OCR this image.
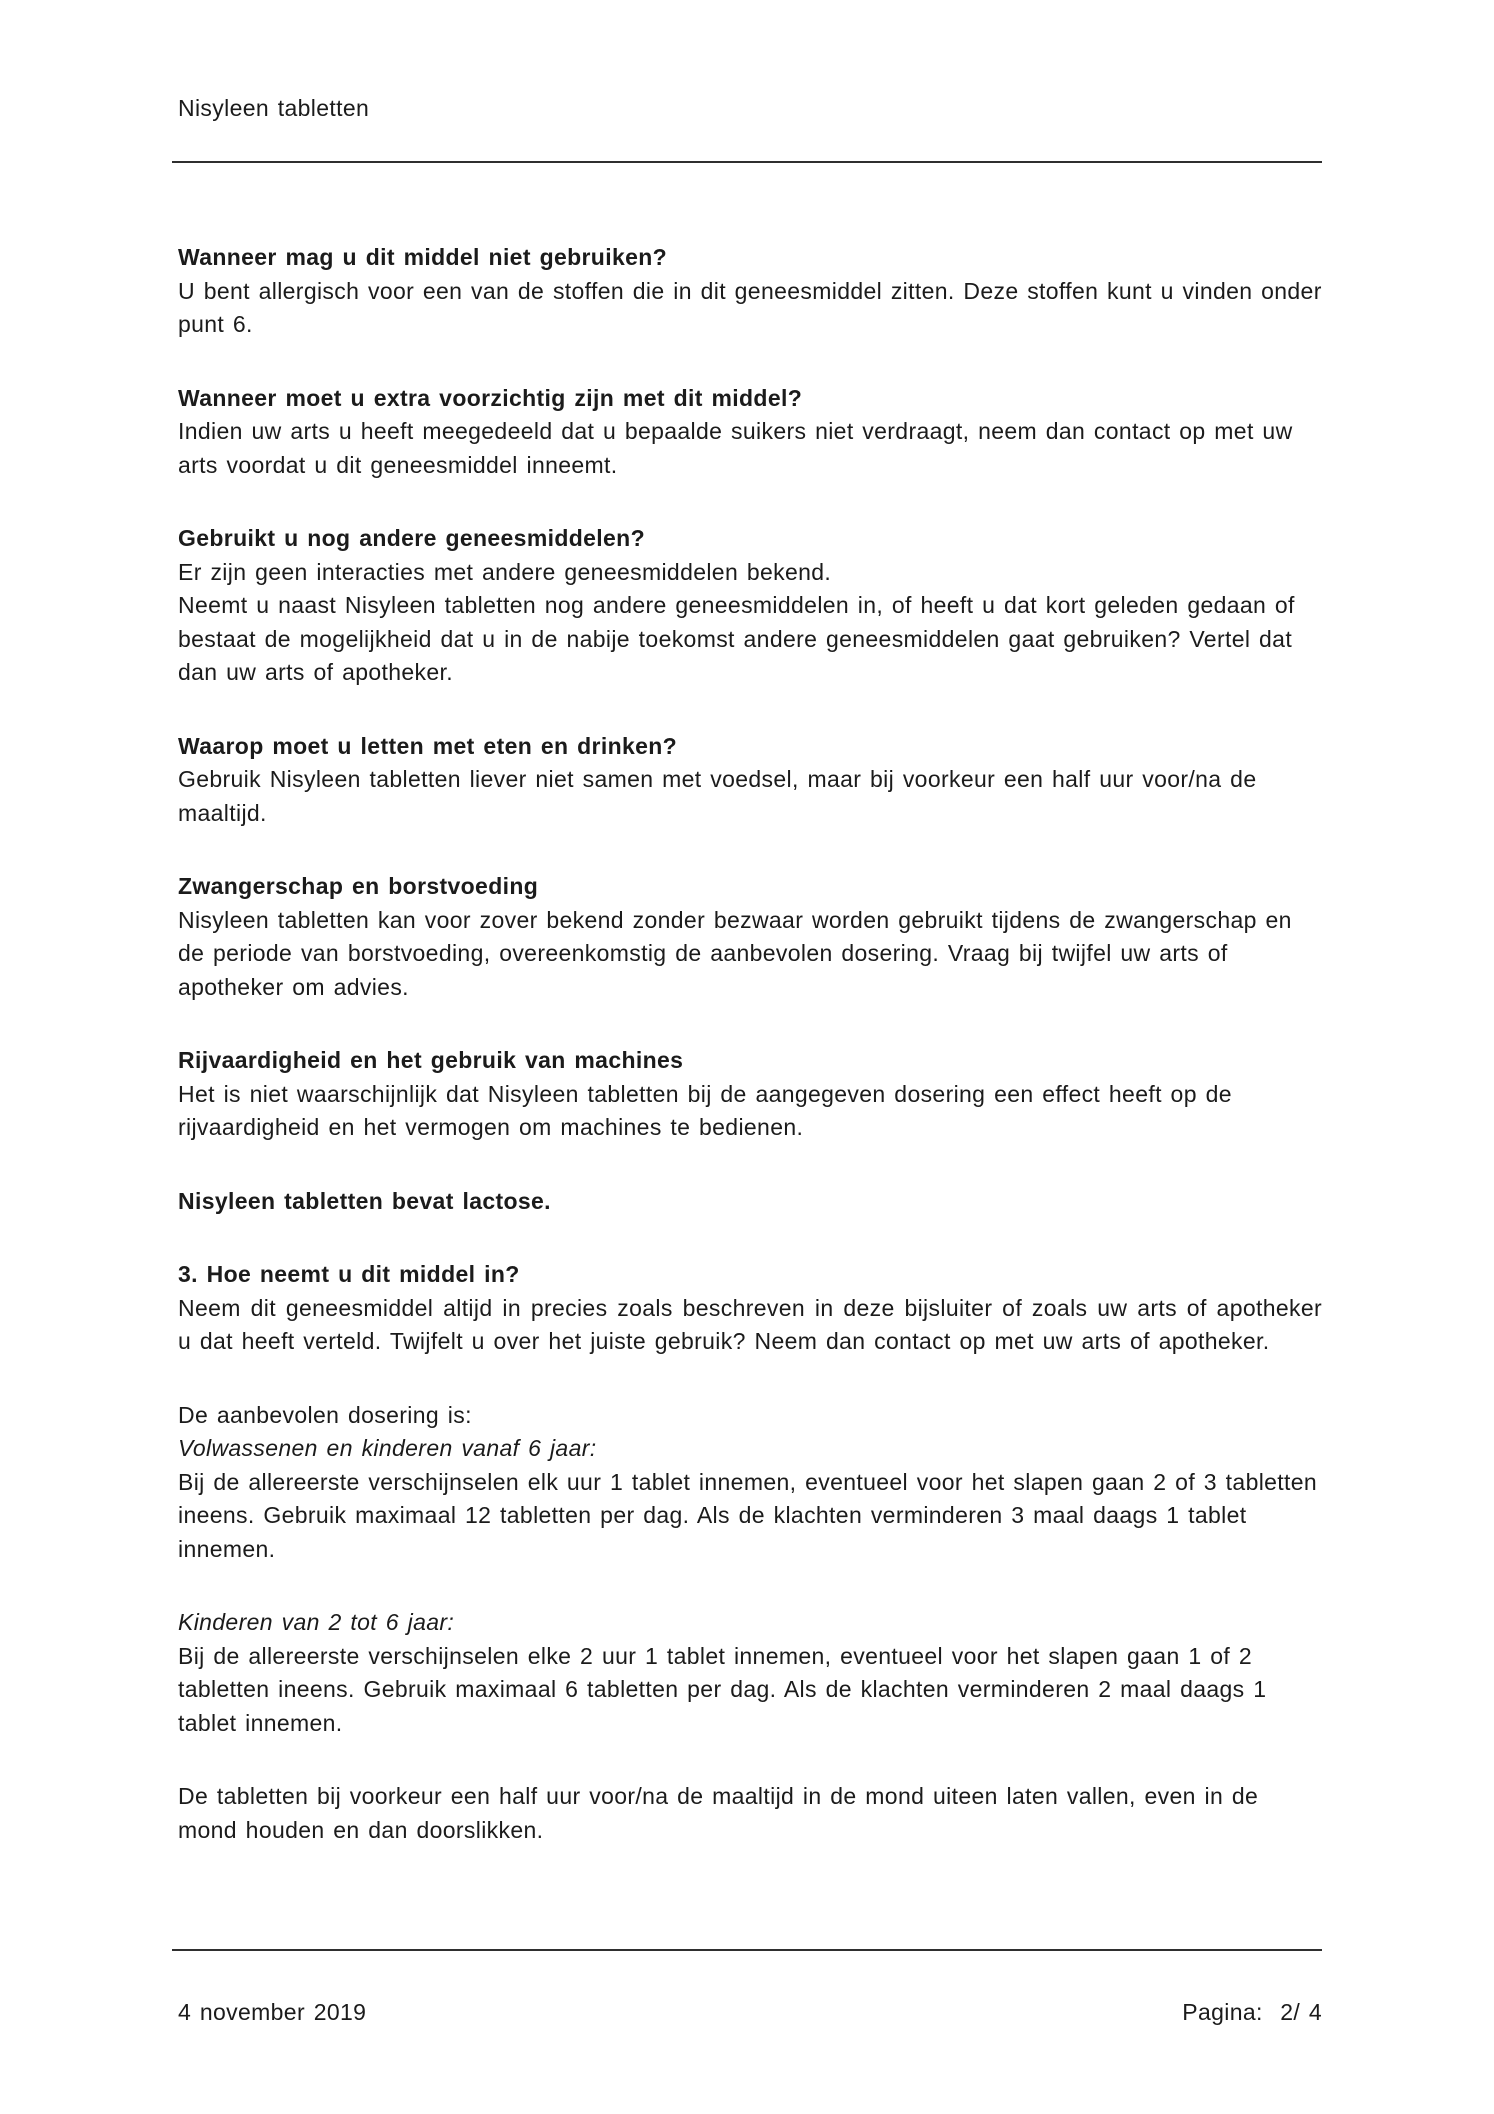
Nisyleen tabletten

Wanneer mag u dit middel niet gebruiken?

U bent allergisch voor een van de stoffen die in dit geneesmiddel zitten. Deze stoffen kunt u vinden onder punt 6.

Wanneer moet u extra voorzichtig zijn met dit middel?

Indien uw arts u heeft meegedeeld dat u bepaalde suikers niet verdraagt, neem dan contact op met uw arts voordat u dit geneesmiddel inneemt.

Gebruikt u nog andere geneesmiddelen?

Er zijn geen interacties met andere geneesmiddelen bekend.

Neemt u naast Nisyleen tabletten nog andere geneesmiddelen in, of heeft u dat kort geleden gedaan of bestaat de mogelijkheid dat u in de nabije toekomst andere geneesmiddelen gaat gebruiken? Vertel dat dan uw arts of apotheker.

Waarop moet u letten met eten en drinken?

Gebruik Nisyleen tabletten liever niet samen met voedsel, maar bij voorkeur een half uur voor/na de maaltijd.

Zwangerschap en borstvoeding

Nisyleen tabletten kan voor zover bekend zonder bezwaar worden gebruikt tijdens de zwangerschap en de periode van borstvoeding, overeenkomstig de aanbevolen dosering. Vraag bij twijfel uw arts of apotheker om advies.

Rijvaardigheid en het gebruik van machines

Het is niet waarschijnlijk dat Nisyleen tabletten bij de aangegeven dosering een effect heeft op de rijvaardigheid en het vermogen om machines te bedienen.

Nisyleen tabletten bevat lactose.

3. Hoe neemt u dit middel in?

Neem dit geneesmiddel altijd in precies zoals beschreven in deze bijsluiter of zoals uw arts of apotheker u dat heeft verteld. Twijfelt u over het juiste gebruik? Neem dan contact op met uw arts of apotheker.

De aanbevolen dosering is:

Volwassenen en kinderen vanaf 6 jaar:

Bij de allereerste verschijnselen elk uur 1 tablet innemen, eventueel voor het slapen gaan 2 of 3 tabletten ineens. Gebruik maximaal 12 tabletten per dag. Als de klachten verminderen 3 maal daags 1 tablet innemen.

Kinderen van 2 tot 6 jaar:

Bij de allereerste verschijnselen elke 2 uur 1 tablet innemen, eventueel voor het slapen gaan 1 of 2 tabletten ineens. Gebruik maximaal 6 tabletten per dag. Als de klachten verminderen 2 maal daags 1 tablet innemen.

De tabletten bij voorkeur een half uur voor/na de maaltijd in de mond uiteen laten vallen, even in de mond houden en dan doorslikken.

4 november 2019	Pagina:  2/ 4
